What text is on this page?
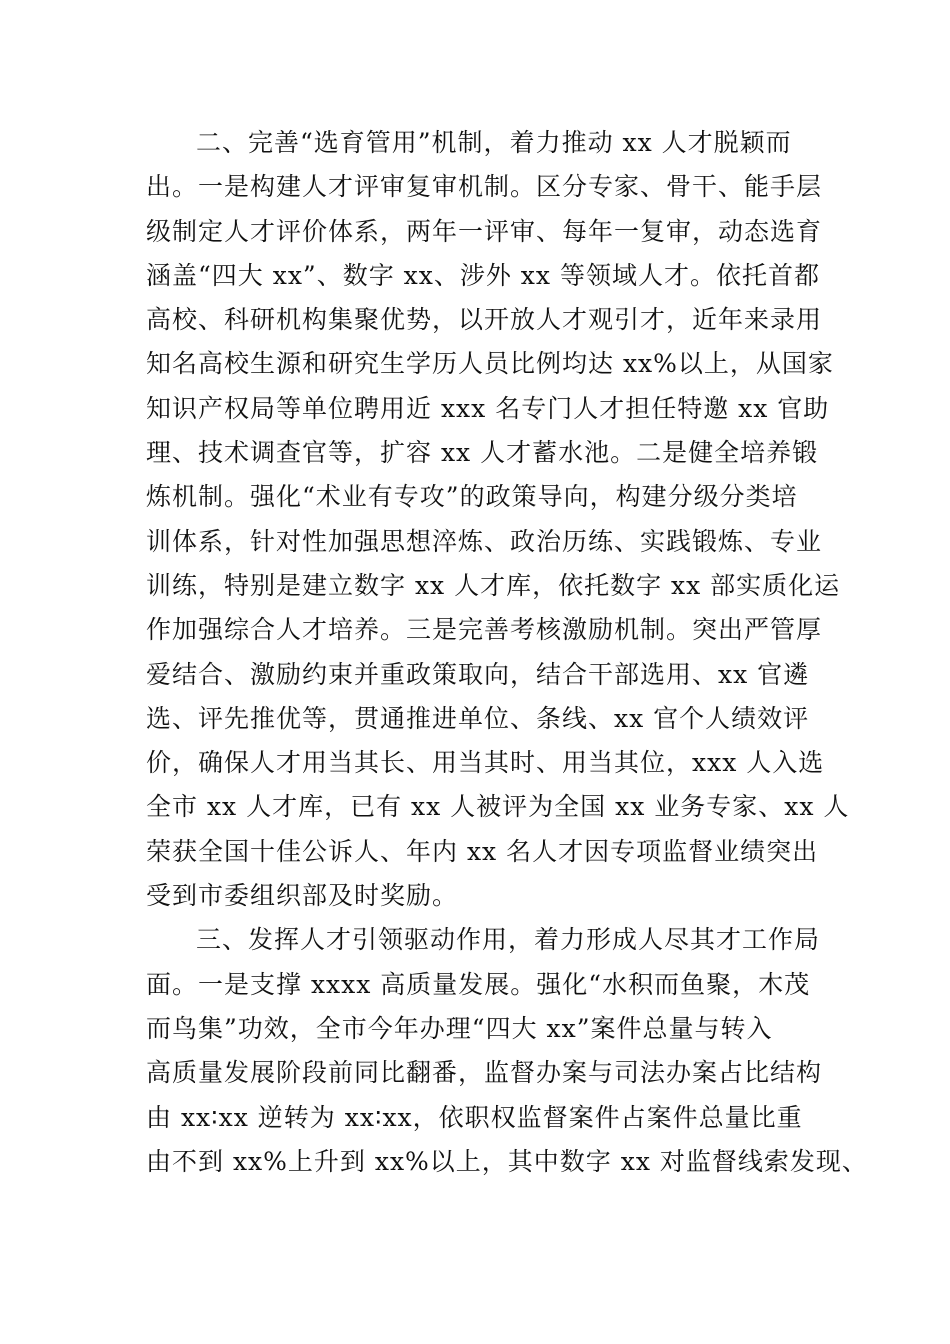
二、完善“选育管用”机制，着力推动 xx 人才脱颖而
出。一是构建人才评审复审机制。区分专家、骨干、能手层
级制定人才评价体系，两年一评审、每年一复审，动态选育
涵盖“四大 xx”、数字 xx、涉外 xx 等领域人才。依托首都
高校、科研机构集聚优势，以开放人才观引才，近年来录用
知名高校生源和研究生学历人员比例均达 xx%以上，从国家
知识产权局等单位聘用近 xxx 名专门人才担任特邀 xx 官助
理、技术调查官等，扩容 xx 人才蓄水池。二是健全培养锻
炼机制。强化“术业有专攻”的政策导向，构建分级分类培
训体系，针对性加强思想淬炼、政治历练、实践锻炼、专业
训练，特别是建立数字 xx 人才库，依托数字 xx 部实质化运
作加强综合人才培养。三是完善考核激励机制。突出严管厚
爱结合、激励约束并重政策取向，结合干部选用、xx 官遴
选、评先推优等，贯通推进单位、条线、xx 官个人绩效评
价，确保人才用当其长、用当其时、用当其位，xxx 人入选
全市 xx 人才库，已有 xx 人被评为全国 xx 业务专家、xx 人
荣获全国十佳公诉人、年内 xx 名人才因专项监督业绩突出
受到市委组织部及时奖励。
三、发挥人才引领驱动作用，着力形成人尽其才工作局
面。一是支撑 xxxx 高质量发展。强化“水积而鱼聚，木茂
而鸟集”功效，全市今年办理“四大 xx”案件总量与转入
高质量发展阶段前同比翻番，监督办案与司法办案占比结构
由 xx∶xx 逆转为 xx∶xx，依职权监督案件占案件总量比重
由不到 xx%上升到 xx%以上，其中数字 xx 对监督线索发现、
